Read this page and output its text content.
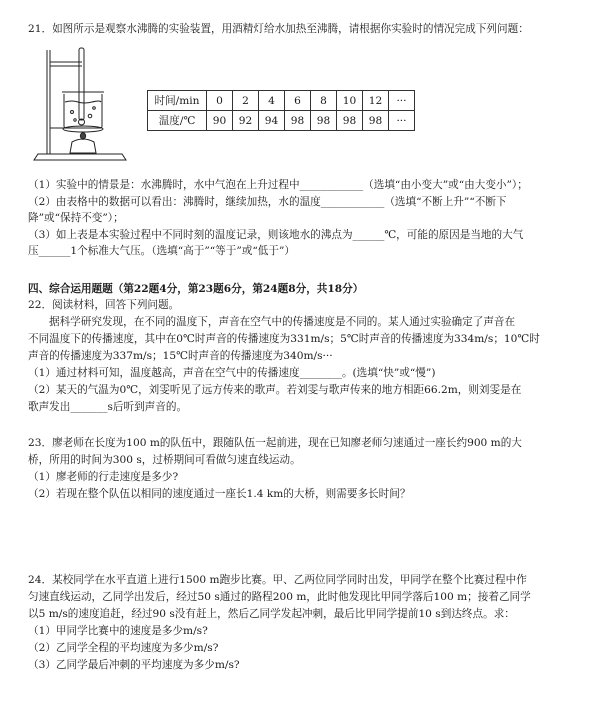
21．如图所示是观察水沸腾的实验装置，用酒精灯给水加热至沸腾，请根据你实验时的情况完成下列问题：
时间/min	0	2	4	6	8	10	12	···
温度/℃	90	92	94	98	98	98	98	···
（1）实验中的情景是：水沸腾时，水中气泡在上升过程中____________（选填“由小变大”或“由大变小”）；
（2）由表格中的数据可以看出：沸腾时，继续加热，水的温度____________（选填“不断上升”“不断下
降”或“保持不变”）；
（3）如上表是本实验过程中不同时刻的温度记录，则该地水的沸点为______℃，可能的原因是当地的大气
压______1个标准大气压。（选填“高于”“等于”或“低于”）
四、综合运用题题（第22题4分，第23题6分，第24题8分，共18分）
22．阅读材料，回答下列问题。
据科学研究发现，在不同的温度下，声音在空气中的传播速度是不同的。某人通过实验确定了声音在
不同温度下的传播速度，其中在0℃时声音的传播速度为331m/s；5℃时声音的传播速度为334m/s；10℃时
声音的传播速度为337m/s；15℃时声音的传播速度为340m/s···
（1）通过材料可知，温度越高，声音在空气中的传播速度________。(选填“快”或“慢”)
（2）某天的气温为0℃，刘雯听见了远方传来的歌声。若刘雯与歌声传来的地方相距66.2m，则刘雯是在
歌声发出_______s后听到声音的。
23．廖老师在长度为100 m的队伍中，跟随队伍一起前进，现在已知廖老师匀速通过一座长约900 m的大
桥，所用的时间为300 s，过桥期间可看做匀速直线运动。
（1）廖老师的行走速度是多少?
（2）若现在整个队伍以相同的速度通过一座长1.4 km的大桥，则需要多长时间？
24．某校同学在水平直道上进行1500 m跑步比赛。甲、乙两位同学同时出发，甲同学在整个比赛过程中作
匀速直线运动，乙同学出发后，经过50 s通过的路程200 m，此时他发现比甲同学落后100 m；接着乙同学
以5 m/s的速度追赶，经过90 s没有赶上，然后乙同学发起冲刺，最后比甲同学提前10 s到达终点。求：
（1）甲同学比赛中的速度是多少m/s?
（2）乙同学全程的平均速度为多少m/s?
（3）乙同学最后冲刺的平均速度为多少m/s?
